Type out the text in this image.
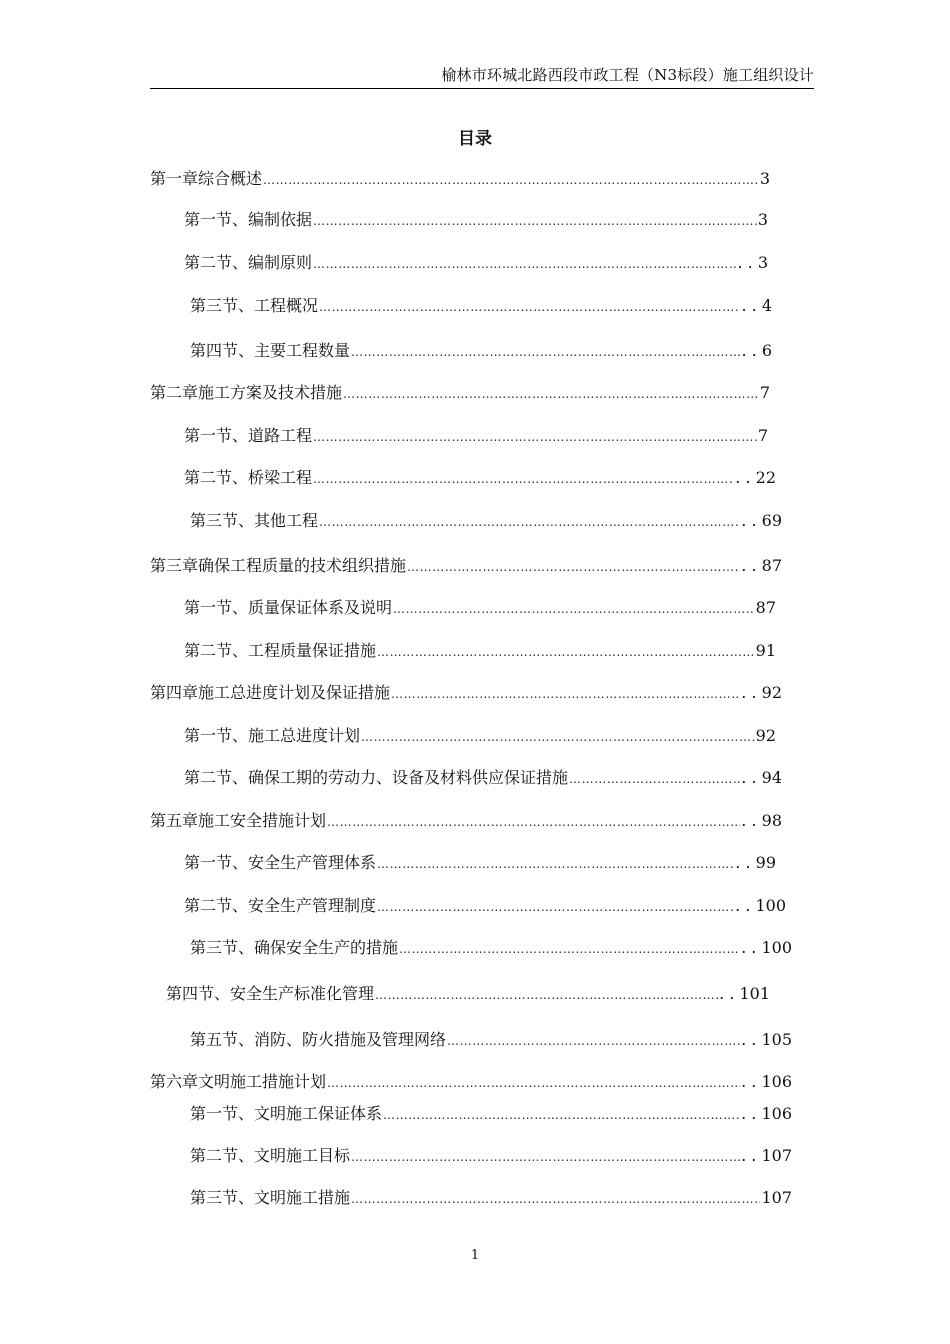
榆林市环城北路西段市政工程（N3标段）施工组织设计
目录
第一章 综合概述 …………………………………………………………………………………………………………………………………………………………………………………………………………………………………	3
第一节、编制依据 …………………………………………………………………………………………………………………………………………………………………………………………………………………………………	3
第二节、编制原则 …………………………………………………………………………………………………………………………………………………………………………………………………………………………………	. . 3
第三节、工程概况 …………………………………………………………………………………………………………………………………………………………………………………………………………………………………	. . 4
第四节、主要工程数量 …………………………………………………………………………………………………………………………………………………………………………………………………………………………………	. . 6
第二章 施工方案及技术措施 …………………………………………………………………………………………………………………………………………………………………………………………………………………………………	7
第一节、道路工程 …………………………………………………………………………………………………………………………………………………………………………………………………………………………………	7
第二节、桥梁工程 …………………………………………………………………………………………………………………………………………………………………………………………………………………………………	. . 22
第三节、其他工程 …………………………………………………………………………………………………………………………………………………………………………………………………………………………………	. . 69
第三章 确保工程质量的技术组织措施 …………………………………………………………………………………………………………………………………………………………………………………………………………………………………	. . 87
第一节、质量保证体系及说明 …………………………………………………………………………………………………………………………………………………………………………………………………………………………………	87
第二节、工程质量保证措施 …………………………………………………………………………………………………………………………………………………………………………………………………………………………………	91
第四章 施工总进度计划及保证措施 …………………………………………………………………………………………………………………………………………………………………………………………………………………………………	. . 92
第一节、施工总进度计划 …………………………………………………………………………………………………………………………………………………………………………………………………………………………………	92
第二节、确保工期的劳动力、设备及材料供应保证措施 …………………………………………………………………………………………………………………………………………………………………………………………………………………………………	. . 94
第五章 施工安全措施计划 …………………………………………………………………………………………………………………………………………………………………………………………………………………………………	. . 98
第一节、安全生产管理体系 …………………………………………………………………………………………………………………………………………………………………………………………………………………………………	. . 99
第二节、安全生产管理制度 …………………………………………………………………………………………………………………………………………………………………………………………………………………………………	. . 100
第三节、确保安全生产的措施 …………………………………………………………………………………………………………………………………………………………………………………………………………………………………	. . 100
第四节、安全生产标准化管理 …………………………………………………………………………………………………………………………………………………………………………………………………………………………………	. . 101
第五节、消防、防火措施及管理网络 …………………………………………………………………………………………………………………………………………………………………………………………………………………………………	. . 105
第六章 文明施工措施计划 …………………………………………………………………………………………………………………………………………………………………………………………………………………………………	. . 106
第一节、文明施工保证体系 …………………………………………………………………………………………………………………………………………………………………………………………………………………………………	. . 106
第二节、文明施工目标 …………………………………………………………………………………………………………………………………………………………………………………………………………………………………	. . 107
第三节、文明施工措施 …………………………………………………………………………………………………………………………………………………………………………………………………………………………………	107
1
